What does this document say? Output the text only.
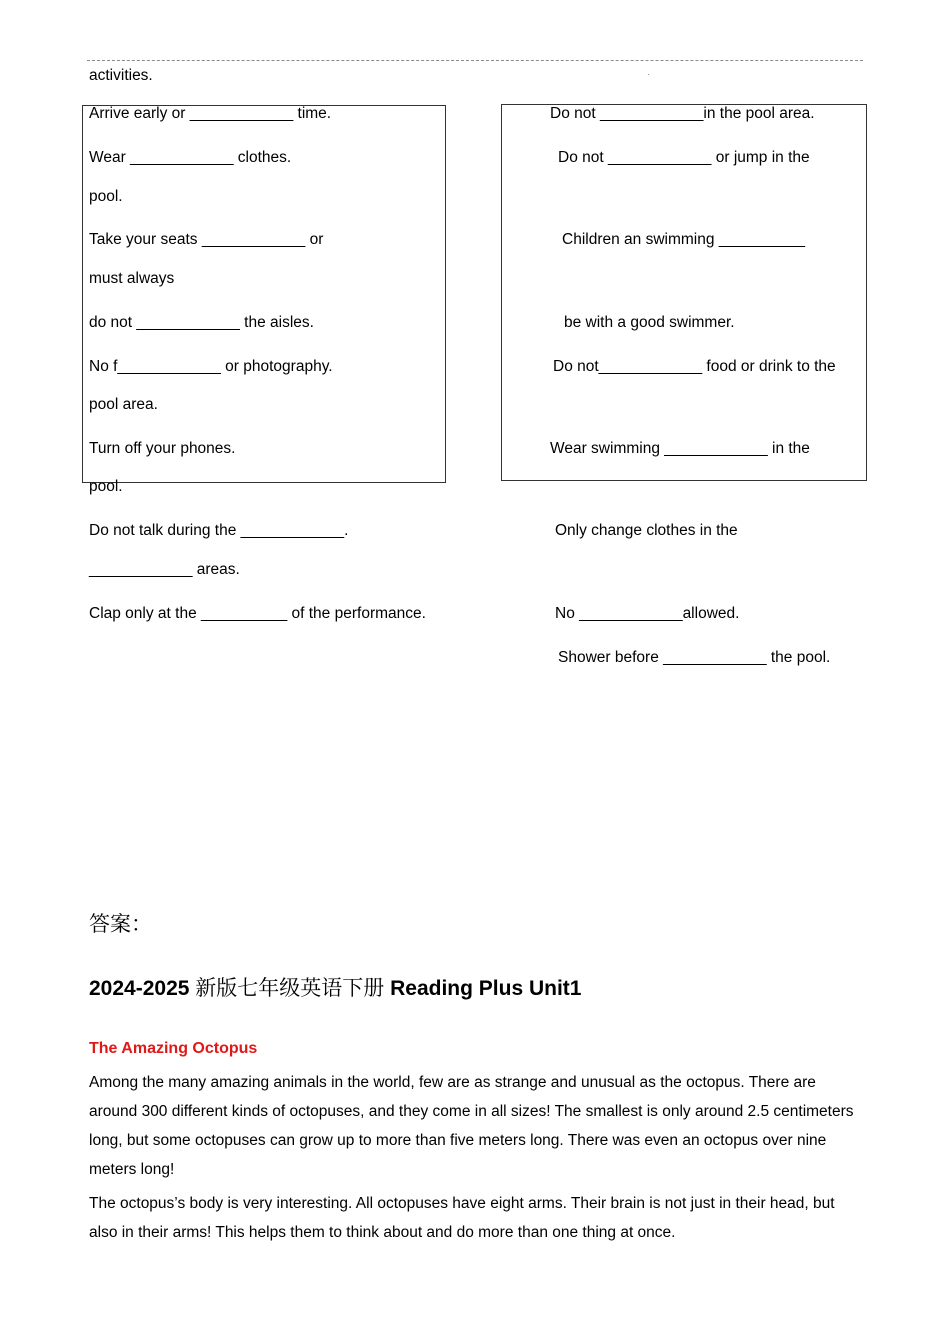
activities.
Arrive early or ____________ time.
Wear ____________ clothes.
pool.
Take your seats ____________ or
must always
do not ____________ the aisles.
No f____________ or photography.
pool area.
Turn off your phones.
pool.
Do not ____________in the pool area.
Do not ____________ or jump in the
Children an swimming __________
be with a good swimmer.
Do not____________ food or drink to the
Wear swimming ____________ in the
Do not talk during the ____________.
____________ areas.
Clap only at the __________ of the performance.
Only change clothes in the
No ____________allowed.
Shower before ____________ the pool.
答案：
2024-2025 新版七年级英语下册 Reading Plus Unit1
The Amazing Octopus
Among the many amazing animals in the world, few are as strange and unusual as the octopus. There are around 300 different kinds of octopuses, and they come in all sizes! The smallest is only around 2.5 centimeters long, but some octopuses can grow up to more than five meters long. There was even an octopus over nine meters long!
The octopus’s body is very interesting. All octopuses have eight arms. Their brain is not just in their head, but also in their arms! This helps them to think about and do more than one thing at once.
